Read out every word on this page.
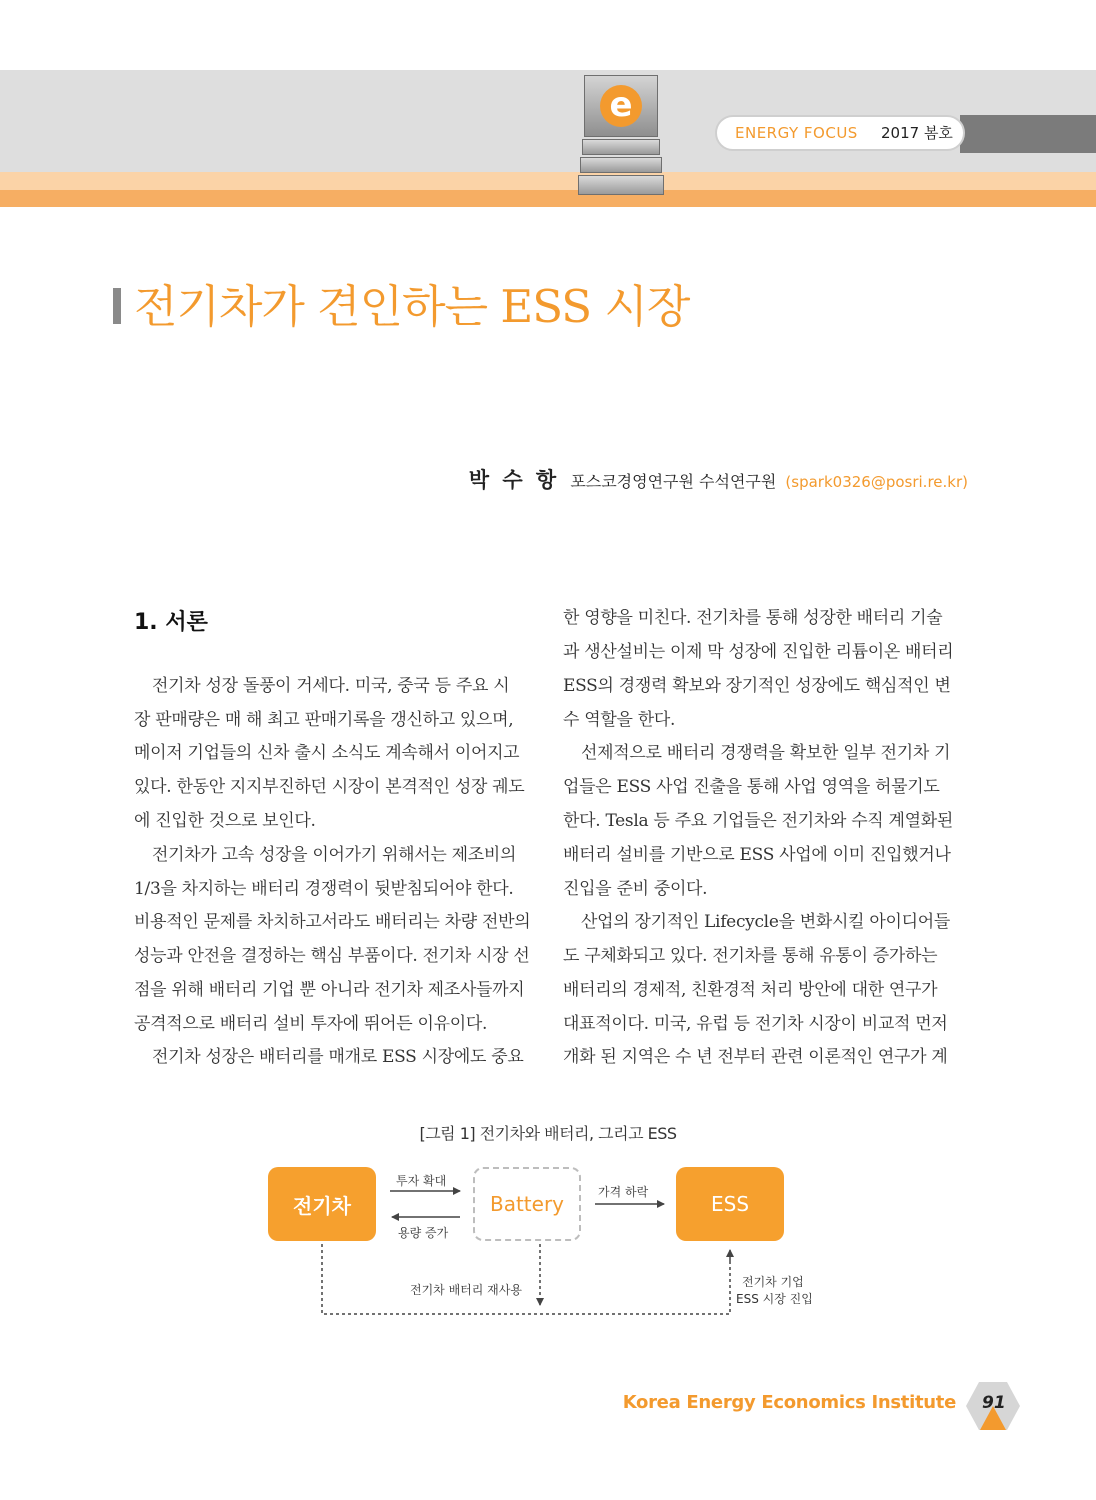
ENERGY FOCUS 2017 봄호
e
전기차가 견인하는 ESS 시장
박 수 항 포스코경영연구원 수석연구원 (spark0326@posri.re.kr)
1. 서론
전기차 성장 돌풍이 거세다. 미국, 중국 등 주요 시
장 판매량은 매 해 최고 판매기록을 갱신하고 있으며,
메이저 기업들의 신차 출시 소식도 계속해서 이어지고
있다. 한동안 지지부진하던 시장이 본격적인 성장 궤도
에 진입한 것으로 보인다.
전기차가 고속 성장을 이어가기 위해서는 제조비의
1/3을 차지하는 배터리 경쟁력이 뒷받침되어야 한다.
비용적인 문제를 차치하고서라도 배터리는 차량 전반의
성능과 안전을 결정하는 핵심 부품이다. 전기차 시장 선
점을 위해 배터리 기업 뿐 아니라 전기차 제조사들까지
공격적으로 배터리 설비 투자에 뛰어든 이유이다.
전기차 성장은 배터리를 매개로 ESS 시장에도 중요
한 영향을 미친다. 전기차를 통해 성장한 배터리 기술
과 생산설비는 이제 막 성장에 진입한 리튬이온 배터리
ESS의 경쟁력 확보와 장기적인 성장에도 핵심적인 변
수 역할을 한다.
선제적으로 배터리 경쟁력을 확보한 일부 전기차 기
업들은 ESS 사업 진출을 통해 사업 영역을 허물기도
한다. Tesla 등 주요 기업들은 전기차와 수직 계열화된
배터리 설비를 기반으로 ESS 사업에 이미 진입했거나
진입을 준비 중이다.
산업의 장기적인 Lifecycle을 변화시킬 아이디어들
도 구체화되고 있다. 전기차를 통해 유통이 증가하는
배터리의 경제적, 친환경적 처리 방안에 대한 연구가
대표적이다. 미국, 유럽 등 전기차 시장이 비교적 먼저
개화 된 지역은 수 년 전부터 관련 이론적인 연구가 계
[그림 1] 전기차와 배터리, 그리고 ESS
전기차	Battery	ESS
투자 확대
용량 증가
가격 하락
전기차 배터리 재사용
전기차 기업
ESS 시장 진입
Korea Energy Economics Institute 91
